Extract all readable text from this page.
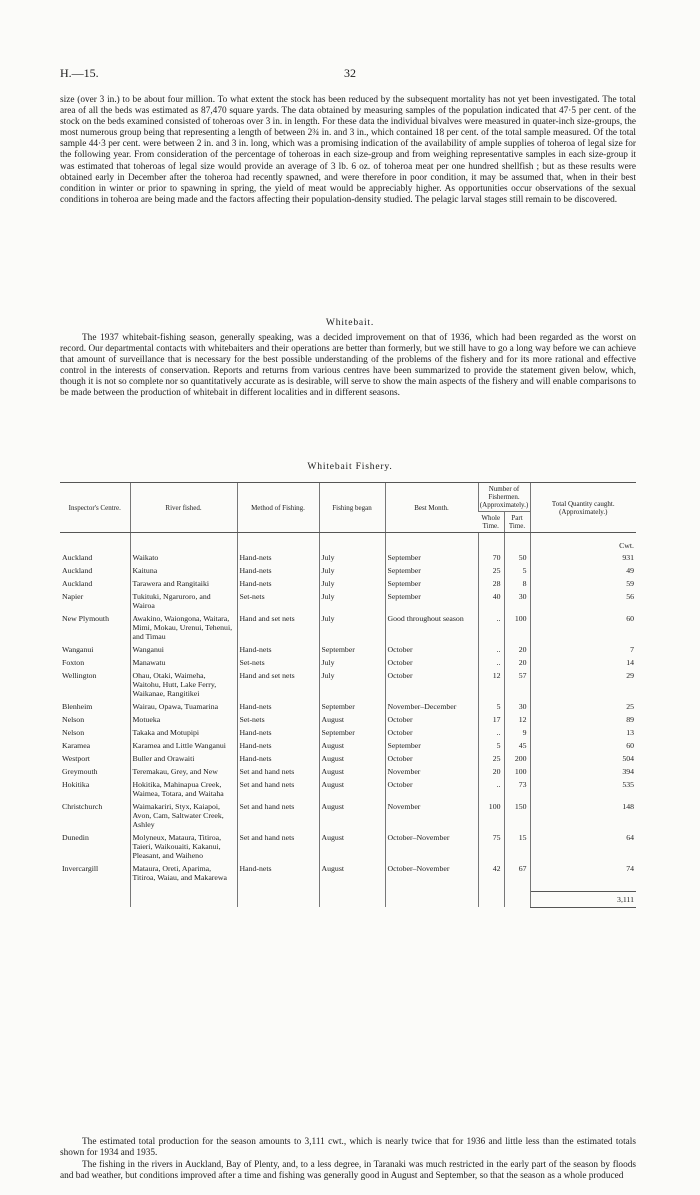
H.—15.	32

size (over 3 in.) to be about four million. To what extent the stock has been reduced by the subsequent mortality has not yet been investigated. The total area of all the beds was estimated as 87,470 square yards. The data obtained by measuring samples of the population indicated that 47·5 per cent. of the stock on the beds examined consisted of toheroas over 3 in. in length. For these data the individual bivalves were measured in quater-inch size-groups, the most numerous group being that representing a length of between 2¾ in. and 3 in., which contained 18 per cent. of the total sample measured. Of the total sample 44·3 per cent. were between 2 in. and 3 in. long, which was a promising indication of the availability of ample supplies of toheroa of legal size for the following year. From consideration of the percentage of toheroas in each size-group and from weighing representative samples in each size-group it was estimated that toheroas of legal size would provide an average of 3 lb. 6 oz. of toheroa meat per one hundred shellfish ; but as these results were obtained early in December after the toheroa had recently spawned, and were therefore in poor condition, it may be assumed that, when in their best condition in winter or prior to spawning in spring, the yield of meat would be appreciably higher. As opportunities occur observations of the sexual conditions in toheroa are being made and the factors affecting their population-density studied. The pelagic larval stages still remain to be discovered.

Whitebait.

The 1937 whitebait-fishing season, generally speaking, was a decided improvement on that of 1936, which had been regarded as the worst on record. Our departmental contacts with whitebaiters and their operations are better than formerly, but we still have to go a long way before we can achieve that amount of surveillance that is necessary for the best possible understanding of the problems of the fishery and for its more rational and effective control in the interests of conservation. Reports and returns from various centres have been summarized to provide the statement given below, which, though it is not so complete nor so quantitatively accurate as is desirable, will serve to show the main aspects of the fishery and will enable comparisons to be made between the production of whitebait in different localities and in different seasons.

Whitebait Fishery.

Inspector's Centre.	River fished.	Method of Fishing.	Fishing began	Best Month.	Number of Fishermen. (Approximately.)		Total Quantity caught. (Approximately.)
					Whole Time.	Part Time.	
							Cwt.
Auckland	Waikato	Hand-nets	July	September	70	50	931
Auckland	Kaituna	Hand-nets	July	September	25	5	49
Auckland	Tarawera and Rangitaiki	Hand-nets	July	September	28	8	59
Napier	Tukituki, Ngaruroro, and Wairoa	Set-nets	July	September	40	30	56
New Plymouth	Awakino, Waiongona, Waitara, Mimi, Mokau, Urenui, Tehenui, and Timau	Hand and set nets	July	Good throughout season	..	100	60
Wanganui	Wanganui	Hand-nets	September	October	..	20	7
Foxton	Manawatu	Set-nets	July	October	..	20	14
Wellington	Ohau, Otaki, Waimeha, Waitohu, Hutt, Lake Ferry, Waikanae, Rangitikei	Hand and set nets	July	October	12	57	29
Blenheim	Wairau, Opawa, Tuamarina	Hand-nets	September	November–December	5	30	25
Nelson	Motueka	Set-nets	August	October	17	12	89
Nelson	Takaka and Motupipi	Hand-nets	September	October	..	9	13
Karamea	Karamea and Little Wanganui	Hand-nets	August	September	5	45	60
Westport	Buller and Orawaiti	Hand-nets	August	October	25	200	504
Greymouth	Teremakau, Grey, and New	Set and hand nets	August	November	20	100	394
Hokitika	Hokitika, Mahinapua Creek, Waimea, Totara, and Waitaha	Set and hand nets	August	October	..	73	535
Christchurch	Waimakariri, Styx, Kaiapoi, Avon, Cam, Saltwater Creek, Ashley	Set and hand nets	August	November	100	150	148
Dunedin	Molyneux, Mataura, Titiroa, Taieri, Waikouaiti, Kakanui, Pleasant, and Waiheno	Set and hand nets	August	October–November	75	15	64
Invercargill	Mataura, Oreti, Aparima, Titiroa, Waiau, and Makarewa	Hand-nets	August	October–November	42	67	74

							3,111

The estimated total production for the season amounts to 3,111 cwt., which is nearly twice that for 1936 and little less than the estimated totals shown for 1934 and 1935.

The fishing in the rivers in Auckland, Bay of Plenty, and, to a less degree, in Taranaki was much restricted in the early part of the season by floods and bad weather, but conditions improved after a time and fishing was generally good in August and September, so that the season as a whole produced
